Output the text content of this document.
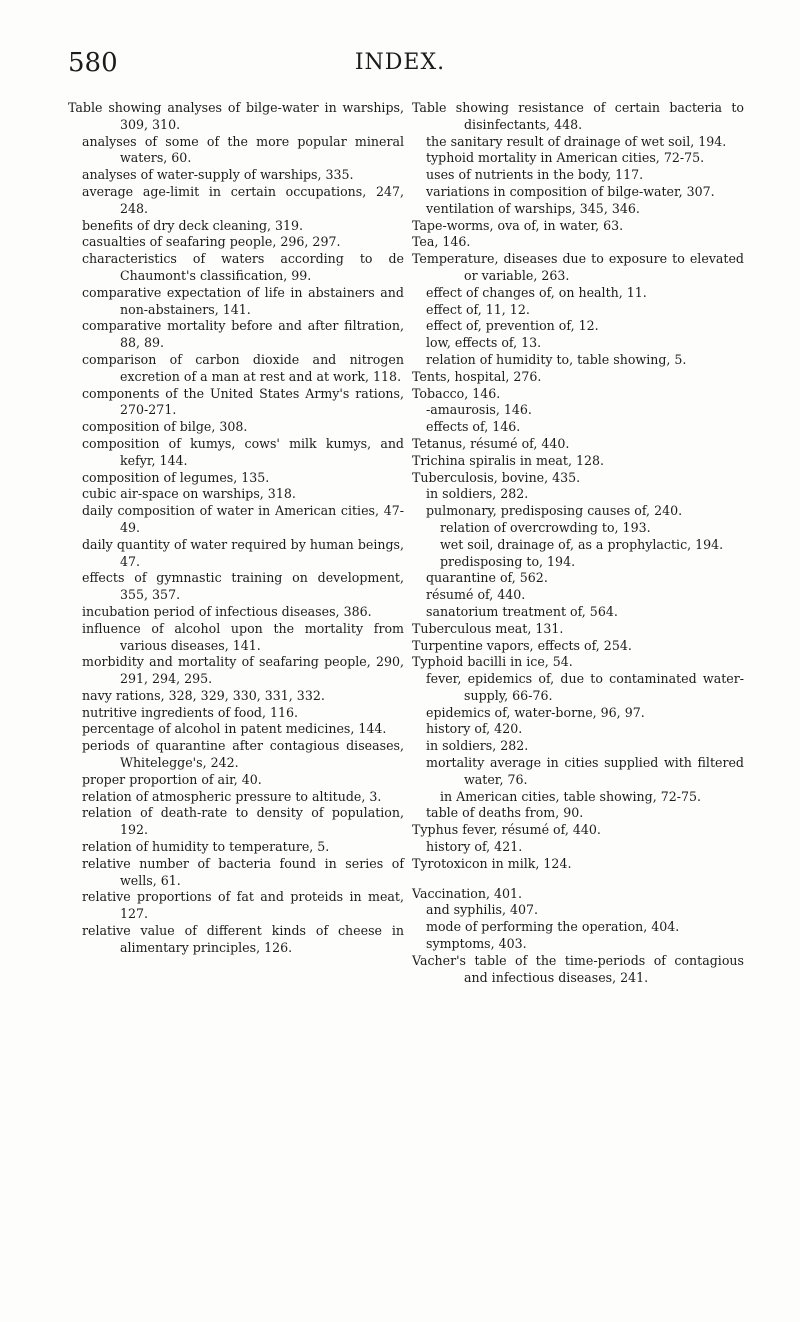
580	INDEX.
Table showing analyses of bilge-water in warships, 309, 310.
analyses of some of the more popular mineral waters, 60.
analyses of water-supply of warships, 335.
average age-limit in certain occupations, 247, 248.
benefits of dry deck cleaning, 319.
casualties of seafaring people, 296, 297.
characteristics of waters according to de Chaumont's classification, 99.
comparative expectation of life in abstainers and non-abstainers, 141.
comparative mortality before and after filtration, 88, 89.
comparison of carbon dioxide and nitrogen excretion of a man at rest and at work, 118.
components of the United States Army's rations, 270-271.
composition of bilge, 308.
composition of kumys, cows' milk kumys, and kefyr, 144.
composition of legumes, 135.
cubic air-space on warships, 318.
daily composition of water in American cities, 47-49.
daily quantity of water required by human beings, 47.
effects of gymnastic training on development, 355, 357.
incubation period of infectious diseases, 386.
influence of alcohol upon the mortality from various diseases, 141.
morbidity and mortality of seafaring people, 290, 291, 294, 295.
navy rations, 328, 329, 330, 331, 332.
nutritive ingredients of food, 116.
percentage of alcohol in patent medicines, 144.
periods of quarantine after contagious diseases, Whitelegge's, 242.
proper proportion of air, 40.
relation of atmospheric pressure to altitude, 3.
relation of death-rate to density of population, 192.
relation of humidity to temperature, 5.
relative number of bacteria found in series of wells, 61.
relative proportions of fat and proteids in meat, 127.
relative value of different kinds of cheese in alimentary principles, 126.
Table showing resistance of certain bacteria to disinfectants, 448.
the sanitary result of drainage of wet soil, 194.
typhoid mortality in American cities, 72-75.
uses of nutrients in the body, 117.
variations in composition of bilge-water, 307.
ventilation of warships, 345, 346.
Tape-worms, ova of, in water, 63.
Tea, 146.
Temperature, diseases due to exposure to elevated or variable, 263.
effect of changes of, on health, 11.
effect of, 11, 12.
effect of, prevention of, 12.
low, effects of, 13.
relation of humidity to, table showing, 5.
Tents, hospital, 276.
Tobacco, 146.
-amaurosis, 146.
effects of, 146.
Tetanus, résumé of, 440.
Trichina spiralis in meat, 128.
Tuberculosis, bovine, 435.
in soldiers, 282.
pulmonary, predisposing causes of, 240.
relation of overcrowding to, 193.
wet soil, drainage of, as a prophylactic, 194.
predisposing to, 194.
quarantine of, 562.
résumé of, 440.
sanatorium treatment of, 564.
Tuberculous meat, 131.
Turpentine vapors, effects of, 254.
Typhoid bacilli in ice, 54.
fever, epidemics of, due to contaminated water-supply, 66-76.
epidemics of, water-borne, 96, 97.
history of, 420.
in soldiers, 282.
mortality average in cities supplied with filtered water, 76.
in American cities, table showing, 72-75.
table of deaths from, 90.
Typhus fever, résumé of, 440.
history of, 421.
Tyrotoxicon in milk, 124.
Vaccination, 401.
and syphilis, 407.
mode of performing the operation, 404.
symptoms, 403.
Vacher's table of the time-periods of contagious and infectious diseases, 241.
